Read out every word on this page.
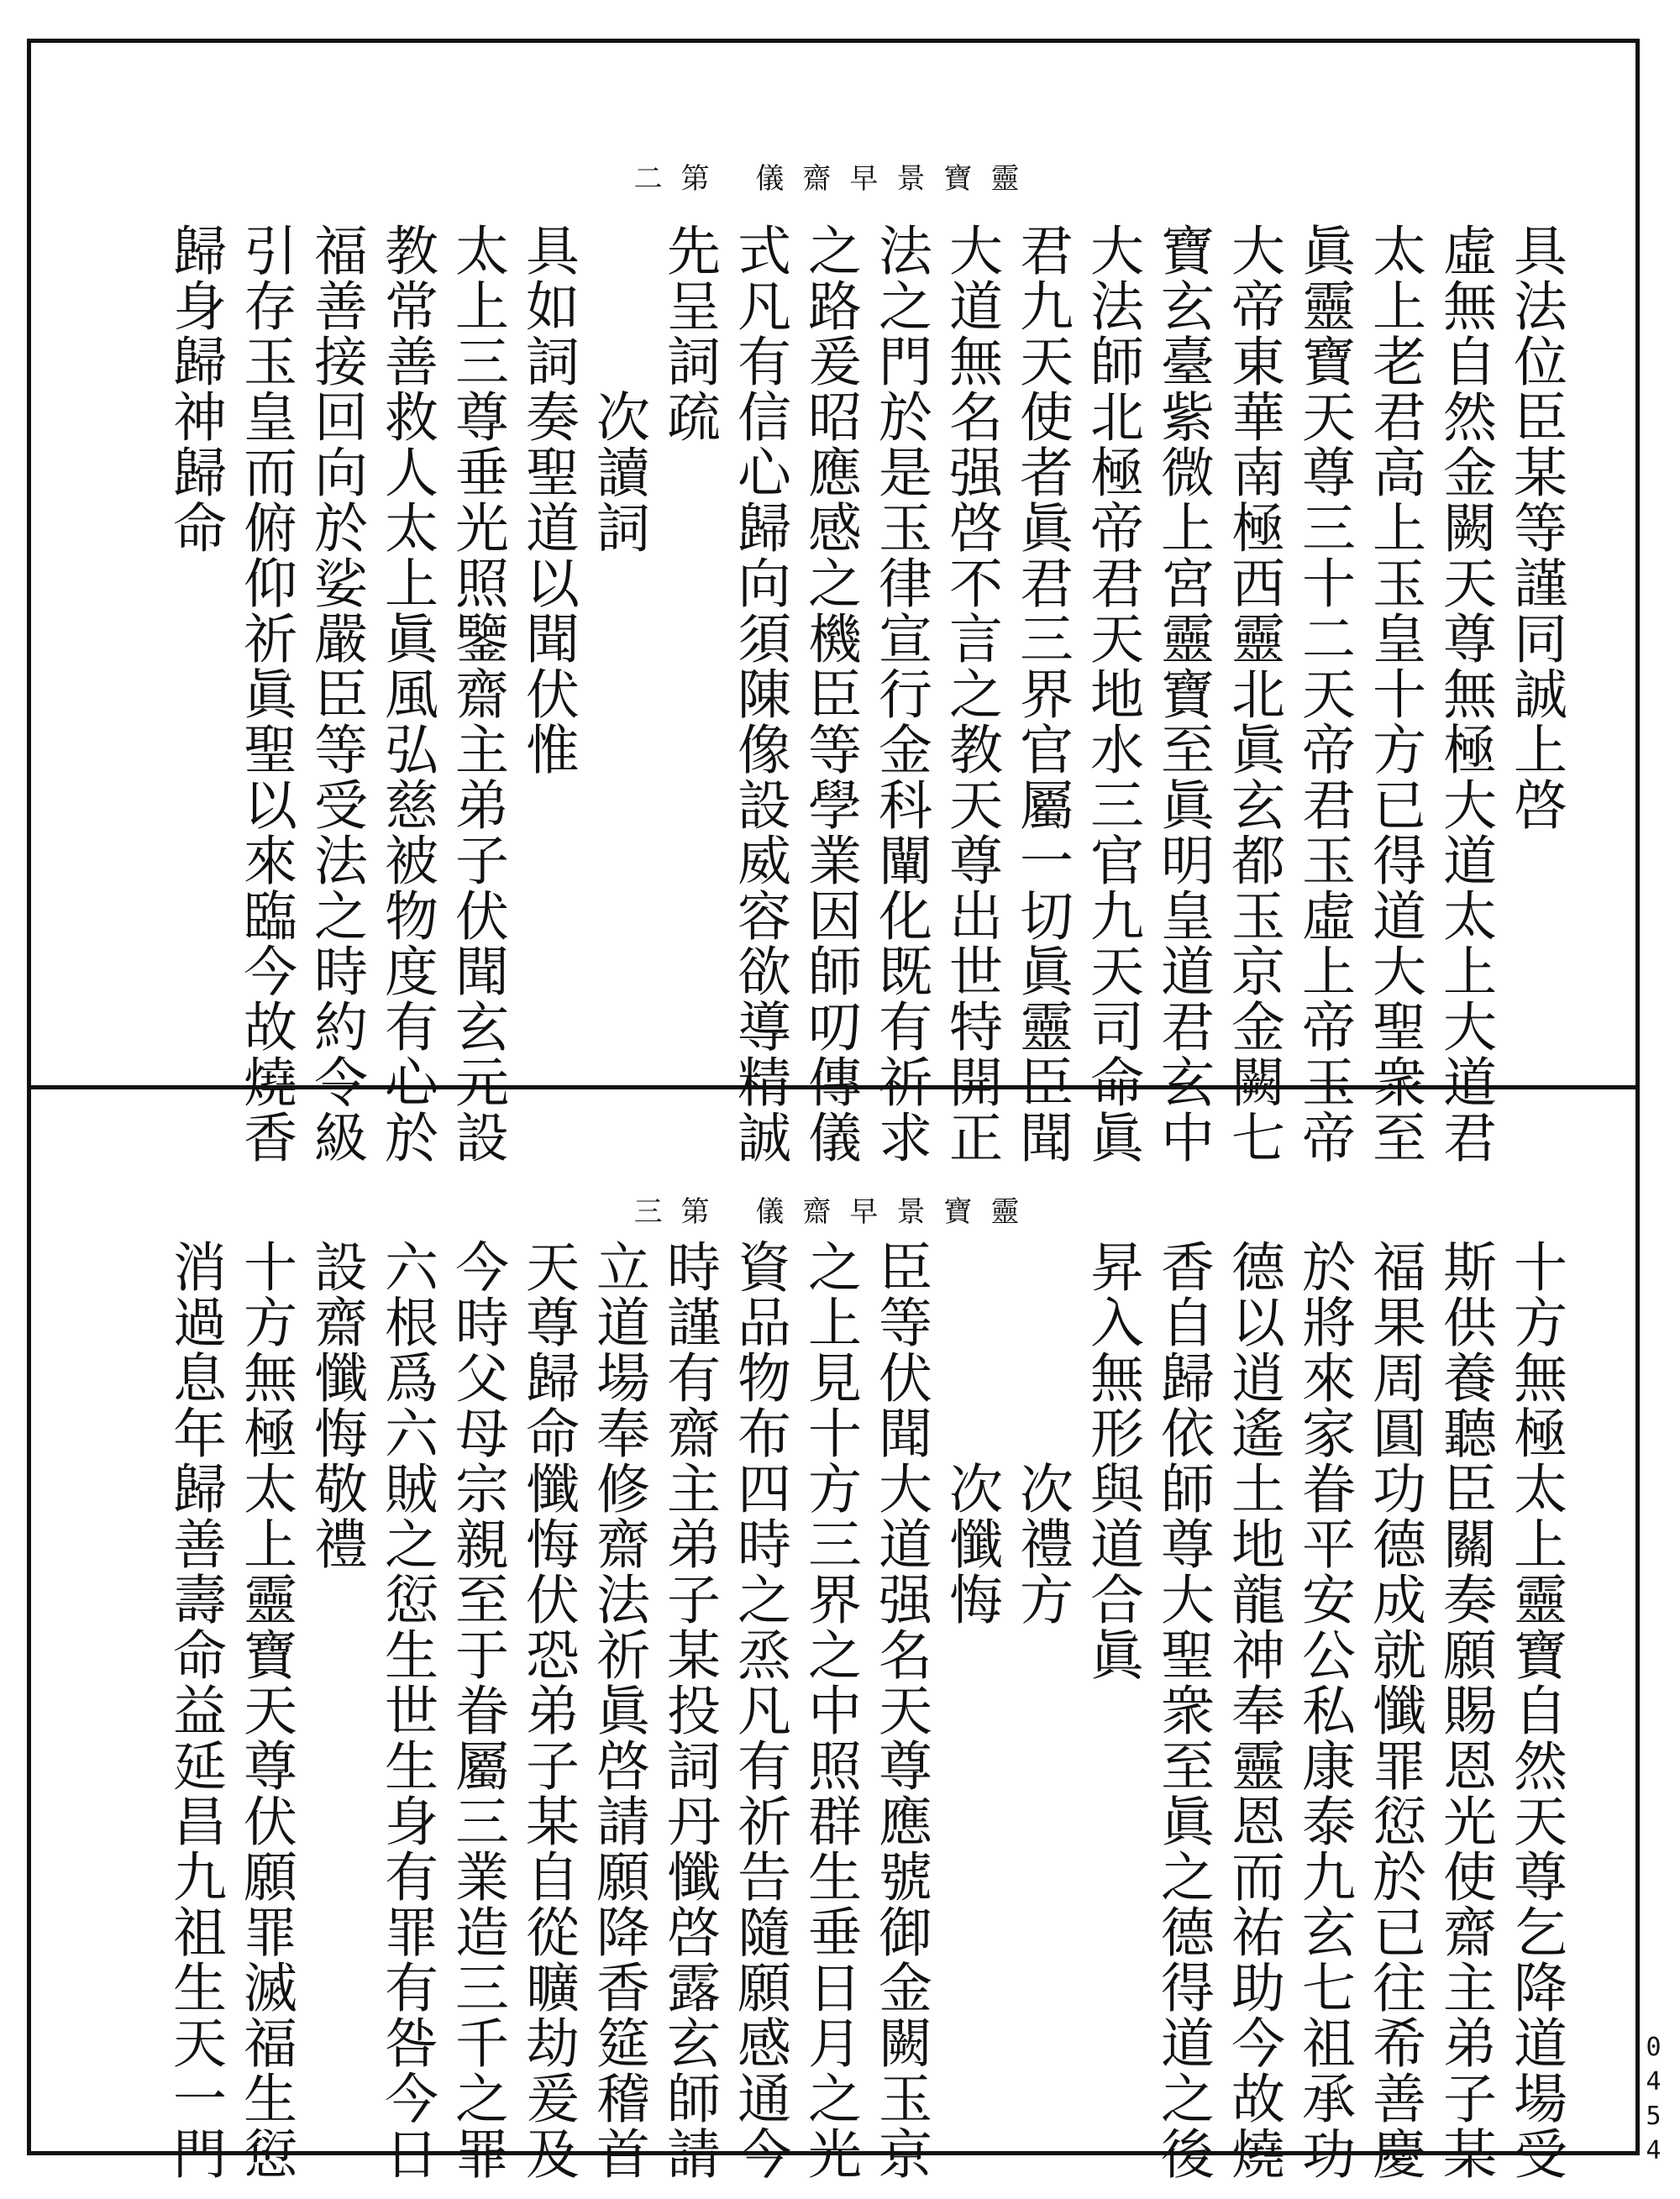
二第 儀齋早景寶靈
具法位臣某等謹同誠上啓
虛無自然金闕天尊無極大道太上大道君
太上老君高上玉皇十方已得道大聖衆至
眞靈寶天尊三十二天帝君玉虛上帝玉帝
大帝東華南極西靈北眞玄都玉京金闕七
寶玄臺紫微上宮靈寶至眞明皇道君玄中
大法師北極帝君天地水三官九天司命眞
君九天使者眞君三界官屬一切眞靈臣聞
大道無名强啓不言之教天尊出世特開正
法之門於是玉律宣行金科闡化既有祈求
之路爰昭應感之機臣等學業因師叨傳儀
式凡有信心歸向須陳像設威容欲導精誠
先呈詞疏
　　　次讀詞
具如詞奏聖道以聞伏惟
太上三尊垂光照鑒齋主弟子伏聞玄元設
教常善救人太上眞風弘慈被物度有心於
福善接回向於娑嚴臣等受法之時約令級
引存玉皇而俯仰祈眞聖以來臨今故燒香
歸身歸神歸命
三第 儀齋早景寶靈
十方無極太上靈寶自然天尊乞降道場受
斯供養聽臣關奏願賜恩光使齋主弟子某
福果周圓功德成就懺罪愆於已往希善慶
於將來家眷平安公私康泰九玄七祖承功
德以逍遙土地龍神奉靈恩而祐助今故燒
香自歸依師尊大聖衆至眞之德得道之後
昇入無形與道合眞
　　　　次禮方
　　　　次懺悔
臣等伏聞大道强名天尊應號御金闕玉京
之上見十方三界之中照群生垂日月之光
資品物布四時之烝凡有祈告隨願感通今
時謹有齋主弟子某投詞丹懺啓露玄師請
立道場奉修齋法祈眞啓請願降香筵稽首
天尊歸命懺悔伏恐弟子某自從曠劫爰及
今時父母宗親至于眷屬三業造三千之罪
六根爲六賊之愆生世生身有罪有咎今日
設齋懺悔敬禮
十方無極太上靈寶天尊伏願罪滅福生愆
消過息年歸善壽命益延昌九祖生天一門	0454
